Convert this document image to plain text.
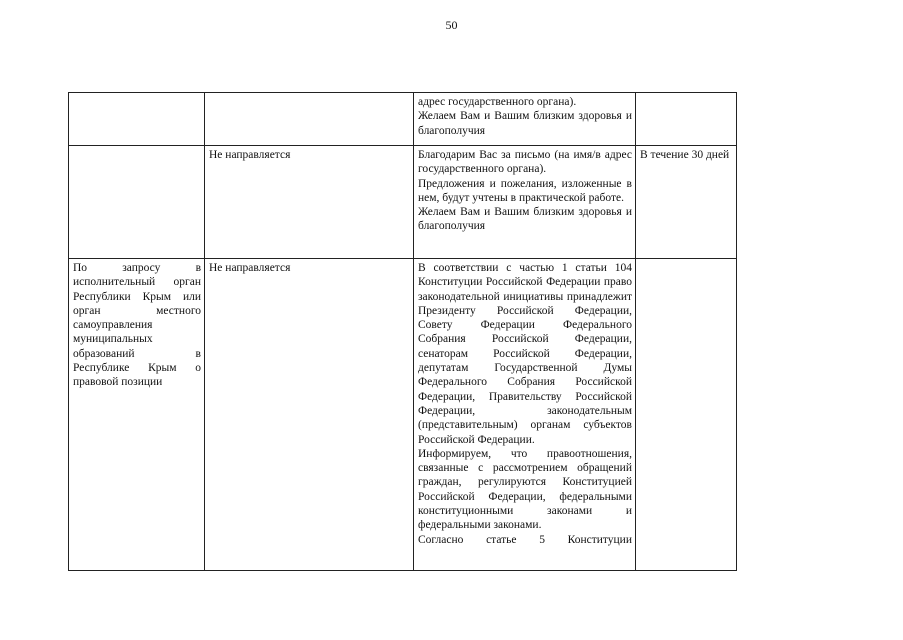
50

		адрес государственного органа).

Желаем Вам и Вашим близким здоровья и благополучия	

	Не направляется	Благодарим Вас за письмо (на имя/в адрес государственного органа).

Предложения и пожелания, изложенные в нем, будут учтены в практической работе.

Желаем Вам и Вашим близким здоровья и благополучия	В течение 30 дней

По запросу в исполнительный орган Республики Крым или орган местного самоуправления муниципальных образований в Республике Крым о правовой позиции	Не направляется	В соответствии с частью 1 статьи 104 Конституции Российской Федерации право законодательной инициативы принадлежит Президенту Российской Федерации, Совету Федерации Федерального Собрания Российской Федерации, сенаторам Российской Федерации, депутатам Государственной Думы Федерального Собрания Российской Федерации, Правительству Российской Федерации, законодательным (представительным) органам субъектов Российской Федерации.

Информируем, что правоотношения, связанные с рассмотрением обращений граждан, регулируются Конституцией Российской Федерации, федеральными конституционными законами и федеральными законами.

Согласно статье 5 Конституции	
